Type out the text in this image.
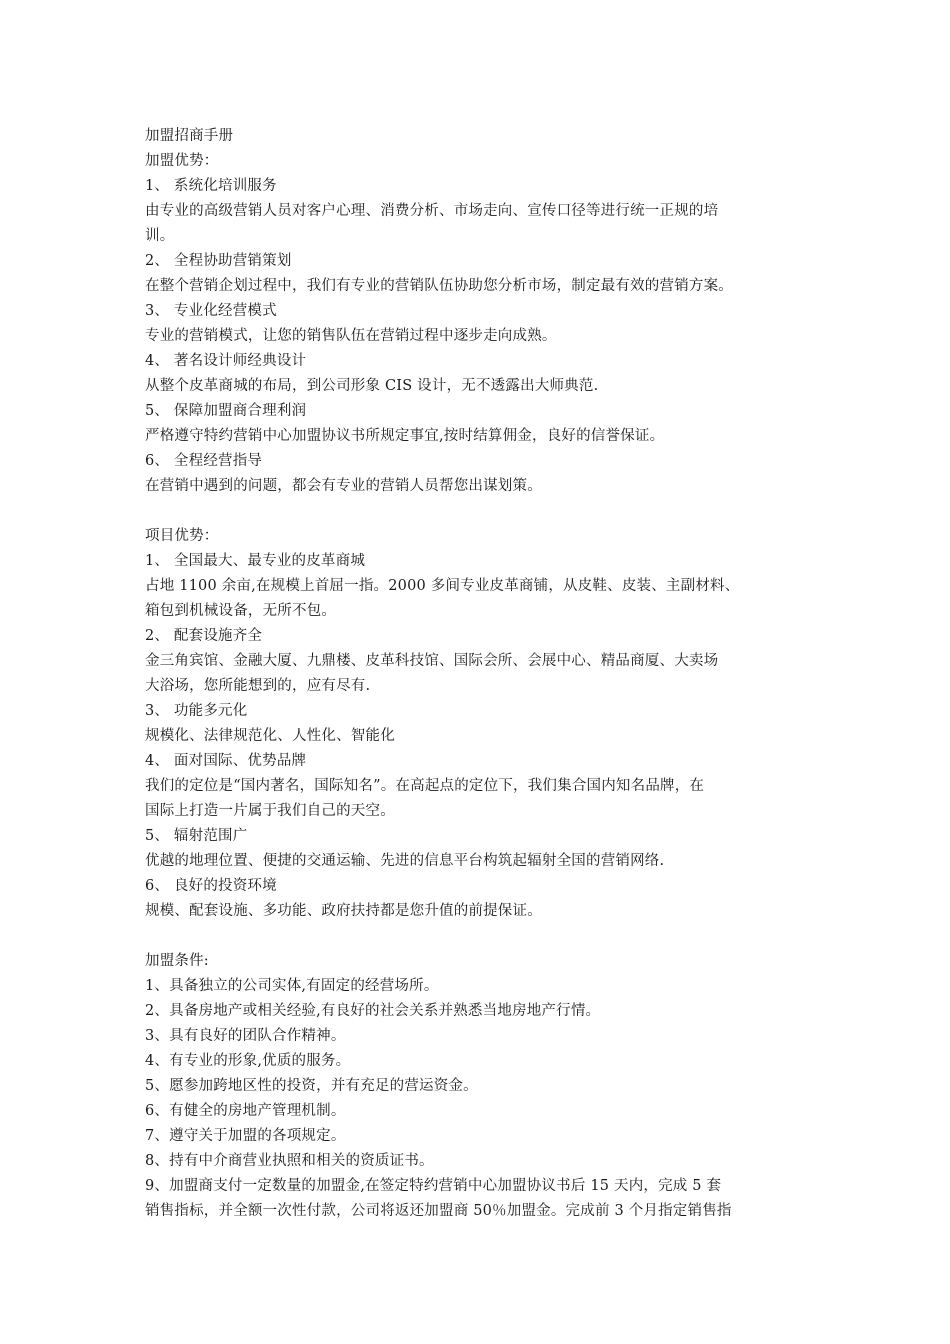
加盟招商手册
加盟优势：
1、 系统化培训服务
由专业的高级营销人员对客户心理、消费分析、市场走向、宣传口径等进行统一正规的培
训。
2、 全程协助营销策划
在整个营销企划过程中，我们有专业的营销队伍协助您分析市场，制定最有效的营销方案。
3、 专业化经营模式
专业的营销模式，让您的销售队伍在营销过程中逐步走向成熟。
4、 著名设计师经典设计
从整个皮革商城的布局，到公司形象 CIS 设计，无不透露出大师典范.
5、 保障加盟商合理利润
严格遵守特约营销中心加盟协议书所规定事宜,按时结算佣金，良好的信誉保证。
6、 全程经营指导
在营销中遇到的问题，都会有专业的营销人员帮您出谋划策。
项目优势：
1、 全国最大、最专业的皮革商城
占地 1100 余亩,在规模上首屈一指。2000 多间专业皮革商铺，从皮鞋、皮装、主副材料、
箱包到机械设备，无所不包。
2、 配套设施齐全
金三角宾馆、金融大厦、九鼎楼、皮革科技馆、国际会所、会展中心、精品商厦、大卖场
大浴场，您所能想到的，应有尽有.
3、 功能多元化
规模化、法律规范化、人性化、智能化
4、 面对国际、优势品牌
我们的定位是“国内著名，国际知名”。在高起点的定位下，我们集合国内知名品牌，在
国际上打造一片属于我们自己的天空。
5、 辐射范围广
优越的地理位置、便捷的交通运输、先进的信息平台构筑起辐射全国的营销网络.
6、 良好的投资环境
规模、配套设施、多功能、政府扶持都是您升值的前提保证。
加盟条件:
1、具备独立的公司实体,有固定的经营场所。
2、具备房地产或相关经验,有良好的社会关系并熟悉当地房地产行情。
3、具有良好的团队合作精神。
4、有专业的形象,优质的服务。
5、愿参加跨地区性的投资，并有充足的营运资金。
6、有健全的房地产管理机制。
7、遵守关于加盟的各项规定。
8、持有中介商营业执照和相关的资质证书。
9、加盟商支付一定数量的加盟金,在签定特约营销中心加盟协议书后 15 天内，完成 5 套
销售指标，并全额一次性付款，公司将返还加盟商 50％加盟金。完成前 3 个月指定销售指
